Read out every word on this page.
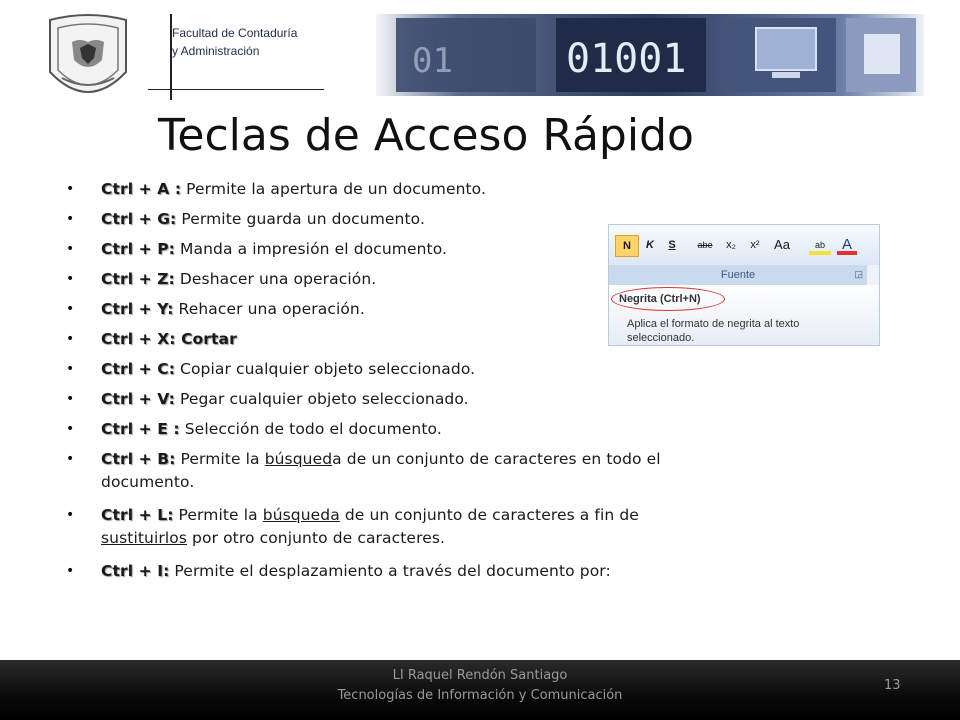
Facultad de Contaduría
y Administración	01	01001
Teclas de Acceso Rápido
• Ctrl + A : Permite la apertura de un documento.
• Ctrl + G: Permite guarda un documento.
• Ctrl + P: Manda a impresión el documento.
• Ctrl + Z: Deshacer una operación.
• Ctrl + Y: Rehacer una operación.
• Ctrl + X: Cortar
• Ctrl + C: Copiar cualquier objeto seleccionado.
• Ctrl + V: Pegar cualquier objeto seleccionado.
• Ctrl + E : Selección de todo el documento.
• Ctrl + B: Permite la búsqueda de un conjunto de caracteres en todo el documento.
• Ctrl + L: Permite la búsqueda de un conjunto de caracteres a fin de sustituirlos por otro conjunto de caracteres.
• Ctrl + I: Permite el desplazamiento a través del documento por:
N	K	S	abe	x₂	x²	Aa	ab	A
Fuente	◲
Negrita (Ctrl+N)
Aplica el formato de negrita al texto seleccionado.
LI Raquel Rendón Santiago
Tecnologías de Información y Comunicación
13
